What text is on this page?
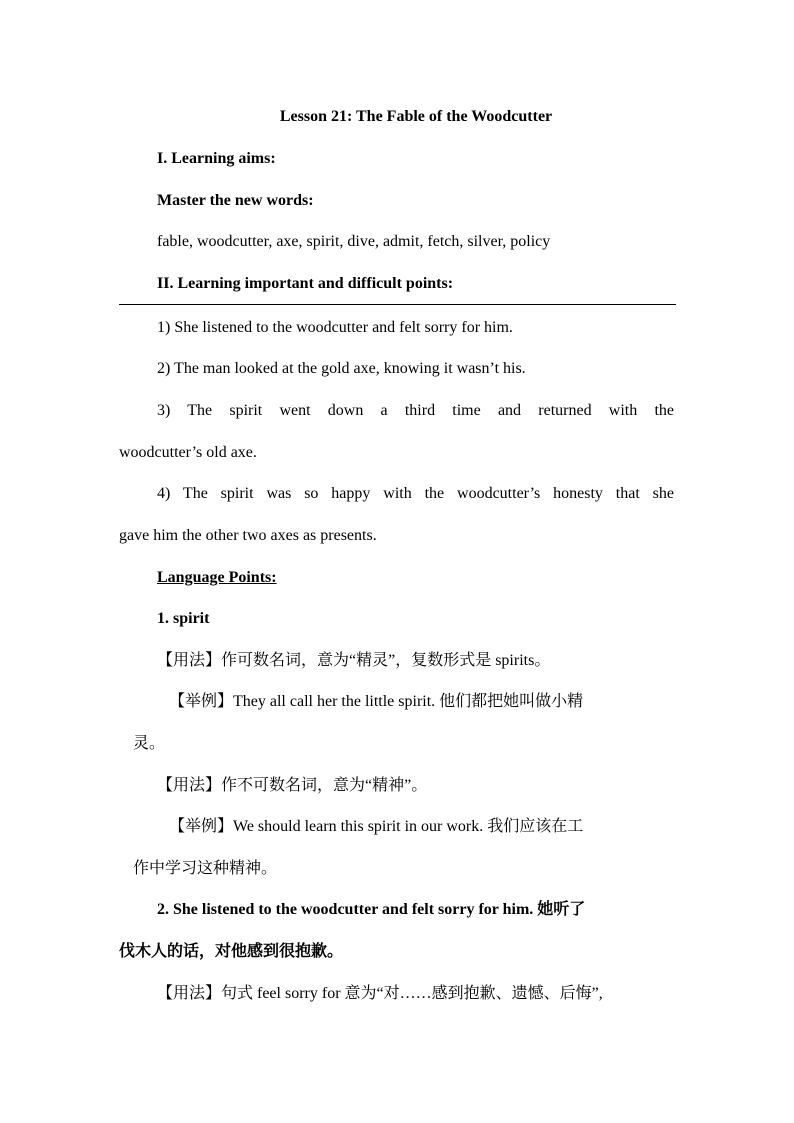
Lesson 21: The Fable of the Woodcutter
I. Learning aims:
Master the new words:
fable, woodcutter, axe, spirit, dive, admit, fetch, silver, policy
II. Learning important and difficult points:
1) She listened to the woodcutter and felt sorry for him.
2) The man looked at the gold axe, knowing it wasn’t his.
3) The spirit went down a third time and returned with the
woodcutter’s old axe.
4) The spirit was so happy with the woodcutter’s honesty that she
gave him the other two axes as presents.
Language Points:
1. spirit
【用法】作可数名词，意为“精灵”，复数形式是 spirits。
【举例】They all call her the little spirit. 他们都把她叫做小精
灵。
【用法】作不可数名词，意为“精神”。
【举例】We should learn this spirit in our work. 我们应该在工
作中学习这种精神。
2. She listened to the woodcutter and felt sorry for him. 她听了
伐木人的话，对他感到很抱歉。
【用法】句式 feel sorry for 意为“对……感到抱歉、遗憾、后悔”,
